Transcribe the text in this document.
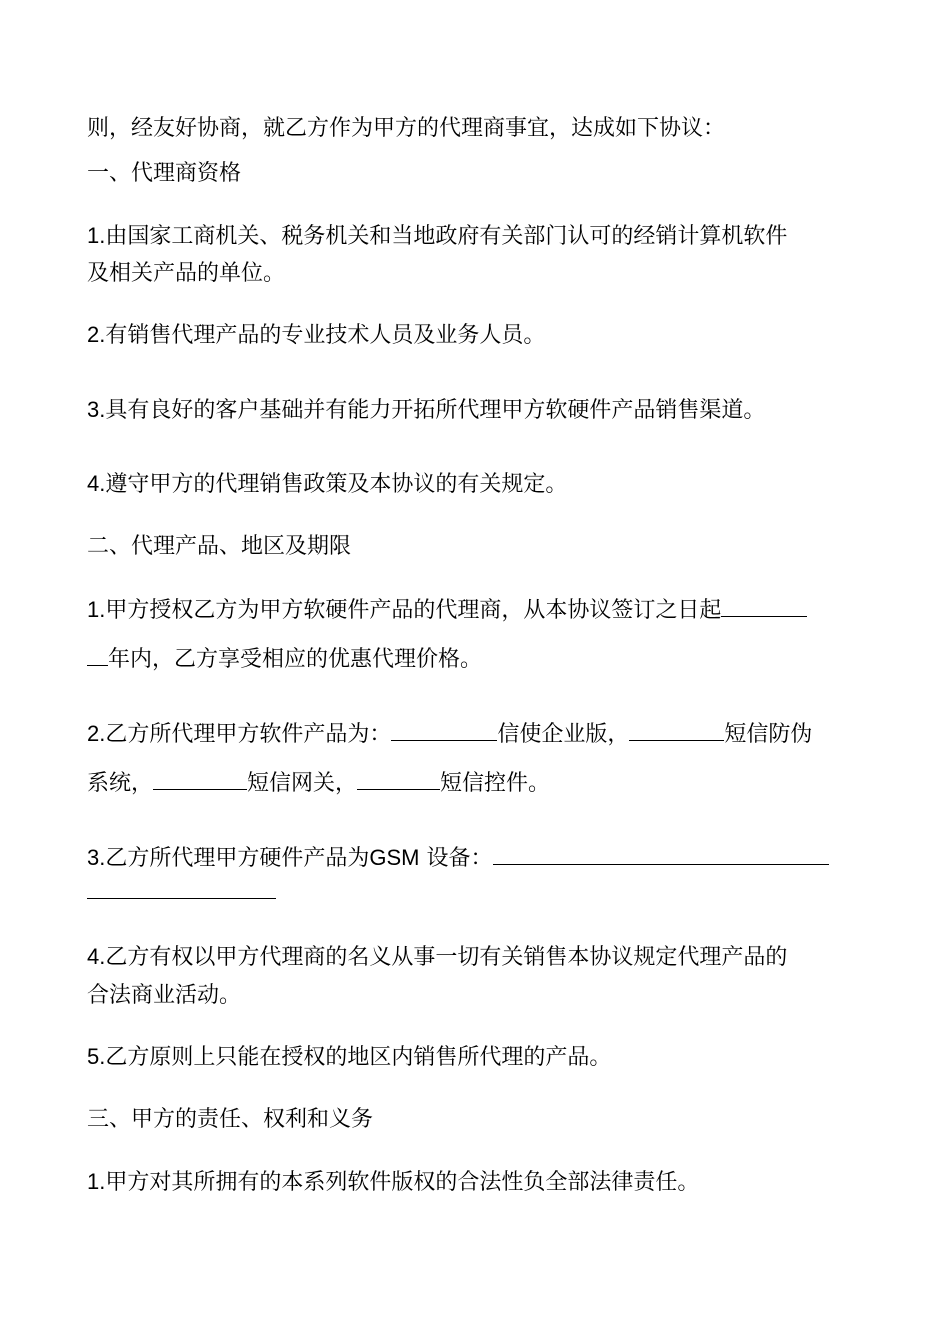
则，经友好协商，就乙方作为甲方的代理商事宜，达成如下协议：
一、代理商资格
1.由国家工商机关、税务机关和当地政府有关部门认可的经销计算机软件
及相关产品的单位。
2.有销售代理产品的专业技术人员及业务人员。
3.具有良好的客户基础并有能力开拓所代理甲方软硬件产品销售渠道。
4.遵守甲方的代理销售政策及本协议的有关规定。
二、代理产品、地区及期限
1.甲方授权乙方为甲方软硬件产品的代理商，从本协议签订之日起
年内，乙方享受相应的优惠代理价格。
2.乙方所代理甲方软件产品为：	信使企业版，	短信防伪
系统，	短信网关，	短信控件。
3.乙方所代理甲方硬件产品为GSM 设备：
4.乙方有权以甲方代理商的名义从事一切有关销售本协议规定代理产品的
合法商业活动。
5.乙方原则上只能在授权的地区内销售所代理的产品。
三、甲方的责任、权利和义务
1.甲方对其所拥有的本系列软件版权的合法性负全部法律责任。
